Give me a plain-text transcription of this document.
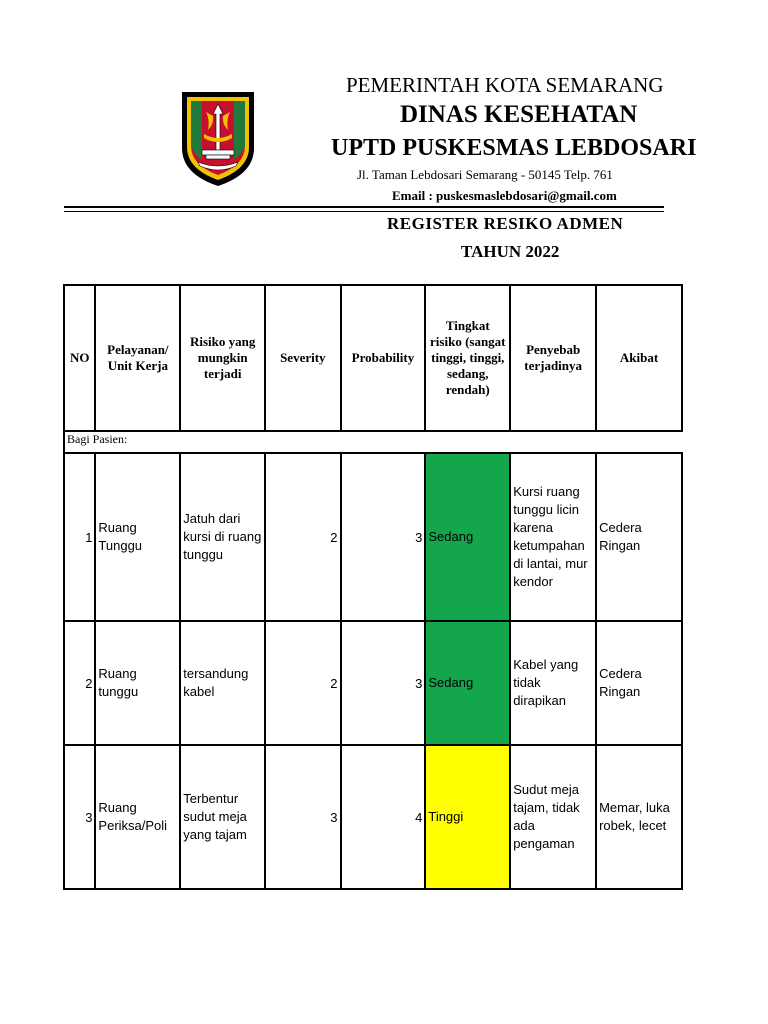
PEMERINTAH KOTA SEMARANG
DINAS KESEHATAN
UPTD PUSKESMAS LEBDOSARI
Jl. Taman Lebdosari Semarang - 50145 Telp. 761
Email : puskesmaslebdosari@gmail.com
REGISTER RESIKO ADMEN
TAHUN 2022
NO	Pelayanan/ Unit Kerja	Risiko yang mungkin terjadi	Severity	Probability	Tingkat risiko (sangat tinggi, tinggi, sedang, rendah)	Penyebab terjadinya	Akibat
Bagi Pasien:							
1	Ruang Tunggu	Jatuh dari kursi di ruang tunggu	2	3	Sedang	Kursi ruang tunggu licin karena ketumpahan di lantai, mur kendor	Cedera Ringan
2	Ruang tunggu	tersandung kabel	2	3	Sedang	Kabel yang tidak dirapikan	Cedera Ringan
3	Ruang Periksa/Poli	Terbentur sudut meja yang tajam	3	4	Tinggi	Sudut meja tajam, tidak ada pengaman	Memar, luka robek, lecet
